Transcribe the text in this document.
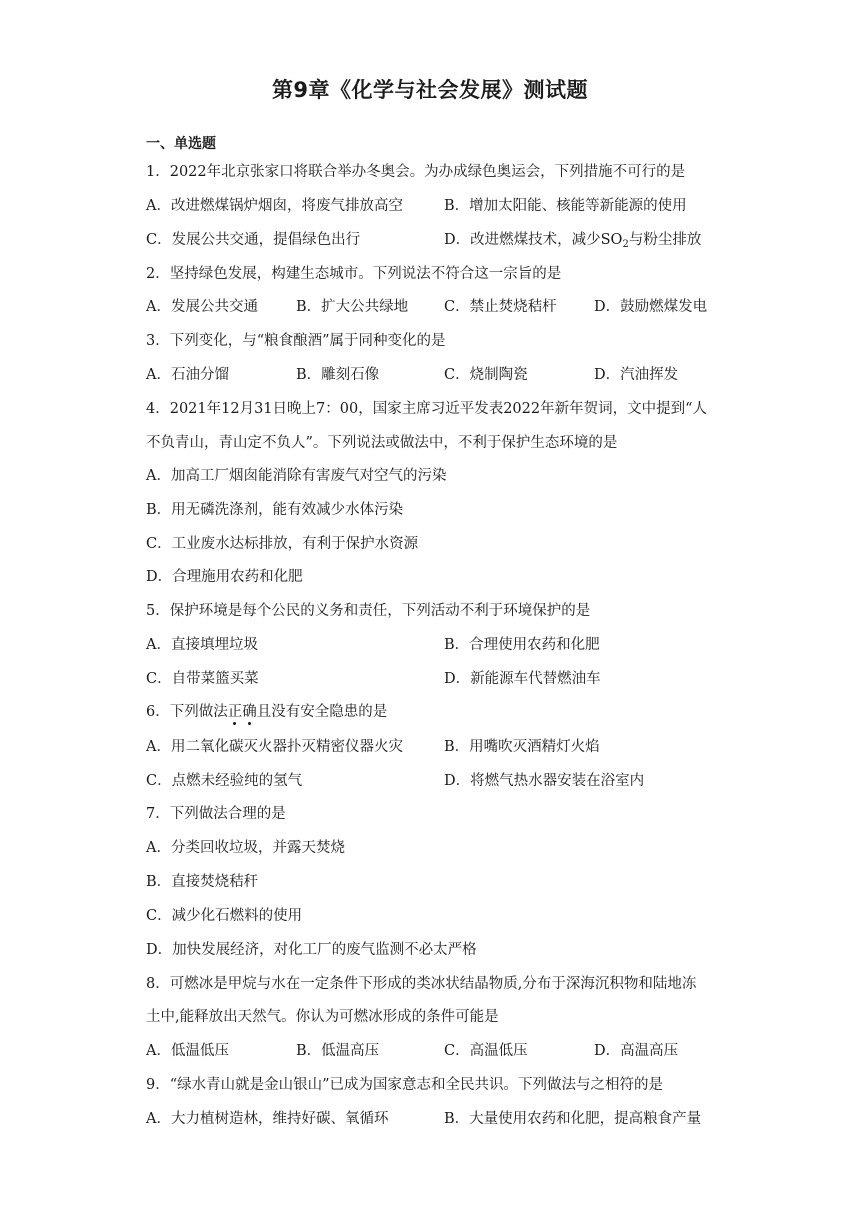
第9章《化学与社会发展》测试题
一、单选题
1．2022年北京张家口将联合举办冬奥会。为办成绿色奥运会，下列措施不可行的是
A．改进燃煤锅炉烟囱，将废气排放高空	B．增加太阳能、核能等新能源的使用
C．发展公共交通，提倡绿色出行	D．改进燃煤技术，减少$SO_2$与粉尘排放
2．坚持绿色发展，构建生态城市。下列说法不符合这一宗旨的是
A．发展公共交通	B．扩大公共绿地 C．禁止焚烧秸杆	D．鼓励燃煤发电
3．下列变化，与“粮食酿酒”属于同种变化的是
A．石油分馏	B．雕刻石像	C．烧制陶瓷	D．汽油挥发
4．2021年12月31日晚上7：00，国家主席习近平发表2022年新年贺词，文中提到“人
不负青山，青山定不负人”。下列说法或做法中，不利于保护生态环境的是
A．加高工厂烟囱能消除有害废气对空气的污染
B．用无磷洗涤剂，能有效减少水体污染
C．工业废水达标排放，有利于保护水资源
D．合理施用农药和化肥
5．保护环境是每个公民的义务和责任，下列活动不利于环境保护的是
A．直接填埋垃圾	B．合理使用农药和化肥
C．自带菜篮买菜	D．新能源车代替燃油车
6．下列做法正确且没有安全隐患的是
A．用二氧化碳灭火器扑灭精密仪器火灾	B．用嘴吹灭酒精灯火焰
C．点燃未经验纯的氢气	D．将燃气热水器安装在浴室内
7．下列做法合理的是
A．分类回收垃圾，并露天焚烧
B．直接焚烧秸秆
C．减少化石燃料的使用
D．加快发展经济，对化工厂的废气监测不必太严格
8．可燃冰是甲烷与水在一定条件下形成的类冰状结晶物质,分布于深海沉积物和陆地冻
土中,能释放出天然气。你认为可燃冰形成的条件可能是
A．低温低压	B．低温高压	C．高温低压	D．高温高压
9．“绿水青山就是金山银山”已成为国家意志和全民共识。下列做法与之相符的是
A．大力植树造林，维持好碳、氧循环	B．大量使用农药和化肥，提高粮食产量
